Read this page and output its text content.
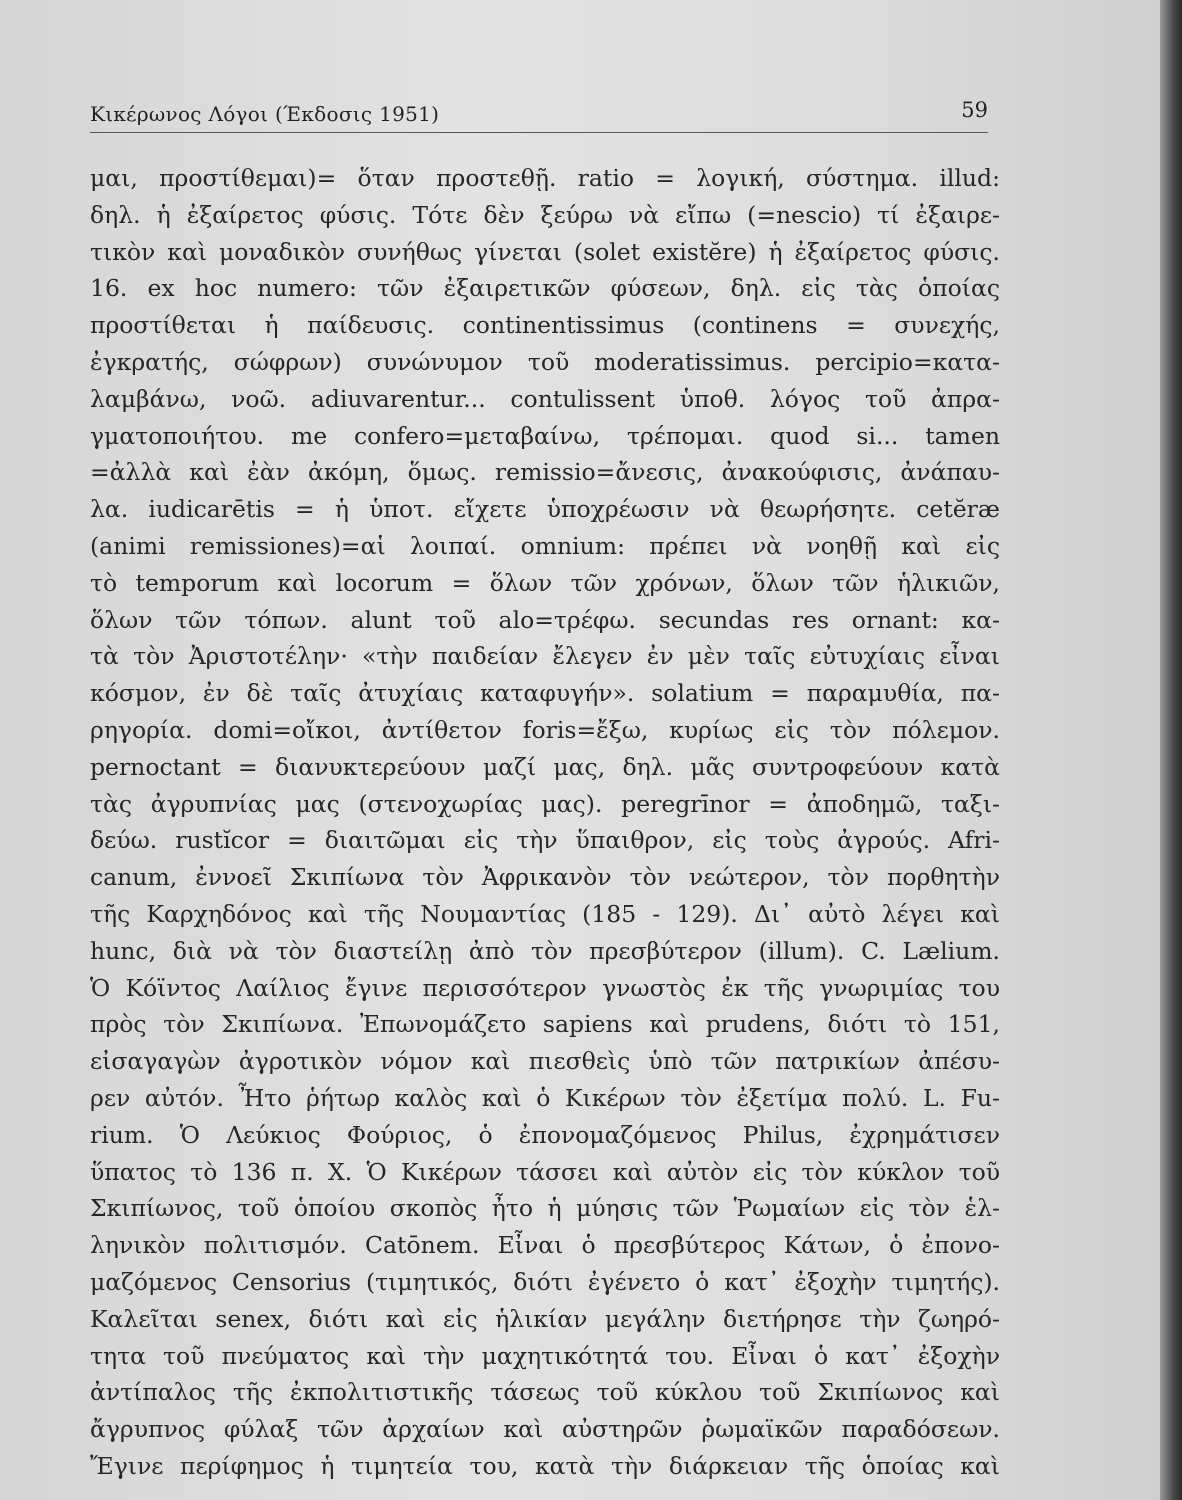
Κικέρωνος Λόγοι (Έκδοσις 1951)	59
μαι, προστίθεμαι)= ὅταν προστεθῇ. ratio = λογική, σύστημα. illud:
δηλ. ἡ ἐξαίρετος φύσις. Τότε δὲν ξεύρω νὰ εἴπω (=nescio) τί ἐξαιρε-
τικὸν καὶ μοναδικὸν συνήθως γίνεται (solet existĕre) ἡ ἐξαίρετος φύσις.
16. ex hoc numero: τῶν ἐξαιρετικῶν φύσεων, δηλ. εἰς τὰς ὁποίας
προστίθεται ἡ παίδευσις. continentissimus (continens = συνεχής,
ἐγκρατής, σώφρων) συνώνυμον τοῦ moderatissimus. percipio=κατα-
λαμβάνω, νοῶ. adiuvarentur... contulissent ὑποθ. λόγος τοῦ ἀπρα-
γματοποιήτου. me confero=μεταβαίνω, τρέπομαι. quod si... tamen
=ἀλλὰ καὶ ἐὰν ἀκόμη, ὅμως. remissio=ἄνεσις, ἀνακούφισις, ἀνάπαυ-
λα. iudicarētis = ἡ ὑποτ. εἴχετε ὑποχρέωσιν νὰ θεωρήσητε. cetĕræ
(animi remissiones)=αἱ λοιπαί. omnium: πρέπει νὰ νοηθῇ καὶ εἰς
τὸ temporum καὶ locorum = ὅλων τῶν χρόνων, ὅλων τῶν ἡλικιῶν,
ὅλων τῶν τόπων. alunt τοῦ alo=τρέφω. secundas res ornant: κα-
τὰ τὸν Ἀριστοτέλην· «τὴν παιδείαν ἔλεγεν ἐν μὲν ταῖς εὐτυχίαις εἶναι
κόσμον, ἐν δὲ ταῖς ἀτυχίαις καταφυγήν». solatium = παραμυθία, πα-
ρηγορία. domi=οἴκοι, ἀντίθετον foris=ἔξω, κυρίως εἰς τὸν πόλεμον.
pernoctant = διανυκτερεύουν μαζί μας, δηλ. μᾶς συντροφεύουν κατὰ
τὰς ἀγρυπνίας μας (στενοχωρίας μας). peregrīnor = ἀποδημῶ, ταξι-
δεύω. rustĭcor = διαιτῶμαι εἰς τὴν ὕπαιθρον, εἰς τοὺς ἀγρούς. Afri-
canum, ἐννοεῖ Σκιπίωνα τὸν Ἀφρικανὸν τὸν νεώτερον, τὸν πορθητὴν
τῆς Καρχηδόνος καὶ τῆς Νουμαντίας (185 - 129). Δι᾽ αὐτὸ λέγει καὶ
hunc, διὰ νὰ τὸν διαστείλῃ ἀπὸ τὸν πρεσβύτερον (illum). C. Lælium.
Ὁ Κόϊντος Λαίλιος ἔγινε περισσότερον γνωστὸς ἐκ τῆς γνωριμίας του
πρὸς τὸν Σκιπίωνα. Ἐπωνομάζετο sapiens καὶ prudens, διότι τὸ 151,
εἰσαγαγὼν ἀγροτικὸν νόμον καὶ πιεσθεὶς ὑπὸ τῶν πατρικίων ἀπέσυ-
ρεν αὐτόν. Ἦτο ῥήτωρ καλὸς καὶ ὁ Κικέρων τὸν ἐξετίμα πολύ. L. Fu-
rium. Ὁ Λεύκιος Φούριος, ὁ ἐπονομαζόμενος Philus, ἐχρημάτισεν
ὕπατος τὸ 136 π. Χ. Ὁ Κικέρων τάσσει καὶ αὐτὸν εἰς τὸν κύκλον τοῦ
Σκιπίωνος, τοῦ ὁποίου σκοπὸς ἦτο ἡ μύησις τῶν Ῥωμαίων εἰς τὸν ἑλ-
ληνικὸν πολιτισμόν. Catōnem. Εἶναι ὁ πρεσβύτερος Κάτων, ὁ ἐπονο-
μαζόμενος Censorius (τιμητικός, διότι ἐγένετο ὁ κατ᾽ ἐξοχὴν τιμητής).
Καλεῖται senex, διότι καὶ εἰς ἡλικίαν μεγάλην διετήρησε τὴν ζωηρό-
τητα τοῦ πνεύματος καὶ τὴν μαχητικότητά του. Εἶναι ὁ κατ᾽ ἐξοχὴν
ἀντίπαλος τῆς ἐκπολιτιστικῆς τάσεως τοῦ κύκλου τοῦ Σκιπίωνος καὶ
ἄγρυπνος φύλαξ τῶν ἀρχαίων καὶ αὐστηρῶν ῥωμαϊκῶν παραδόσεων.
Ἔγινε περίφημος ἡ τιμητεία του, κατὰ τὴν διάρκειαν τῆς ὁποίας καὶ
